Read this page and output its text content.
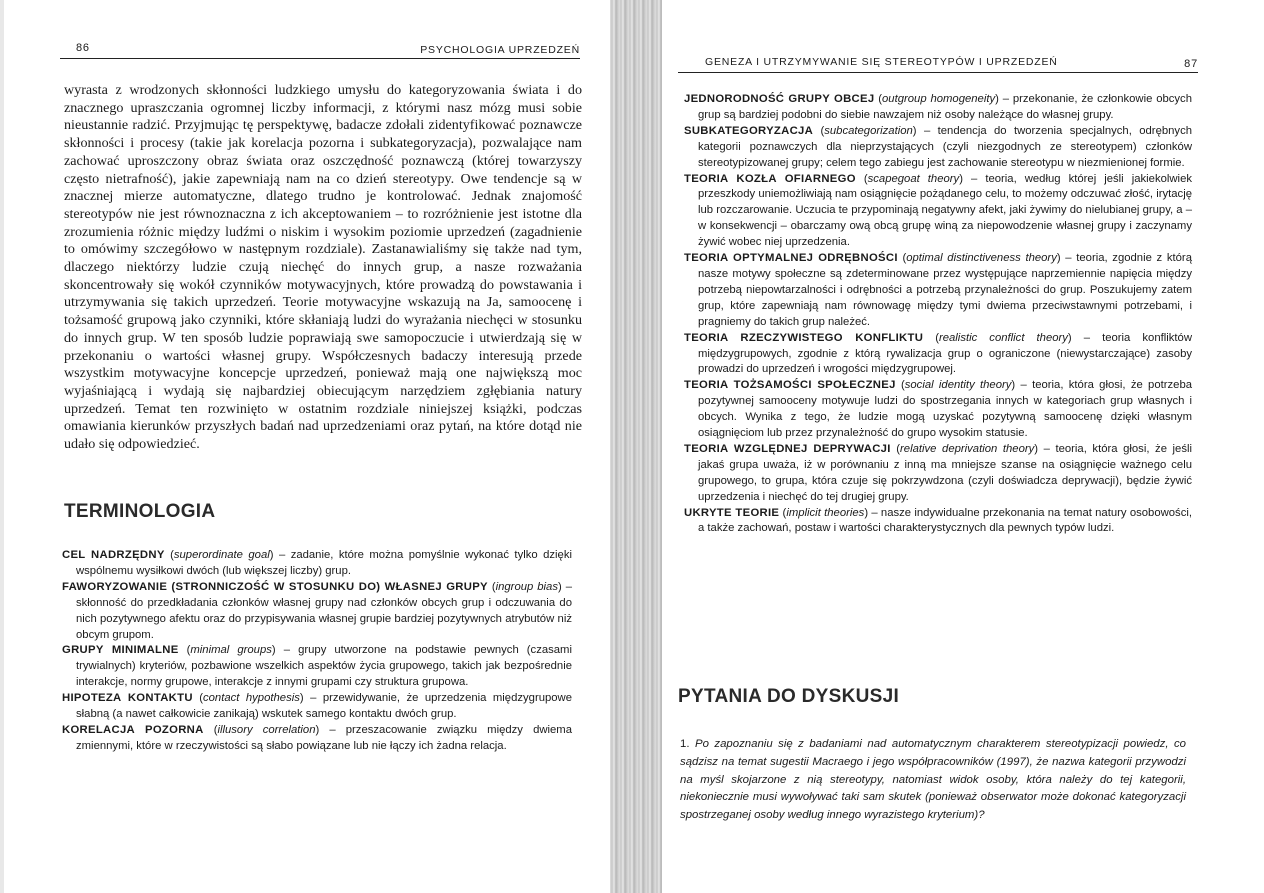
86	PSYCHOLOGIA UPRZEDZEŃ

wyrasta z wrodzonych skłonności ludzkiego umysłu do kategoryzowania świata i do znacznego upraszczania ogromnej liczby informacji, z którymi nasz mózg musi sobie nieustannie radzić. Przyjmując tę perspektywę, badacze zdołali zidentyfikować poznawcze skłonności i procesy (takie jak korelacja pozorna i subkategoryzacja), pozwalające nam zachować uproszczony obraz świata oraz oszczędność poznawczą (której towarzyszy często nietrafność), jakie zapewniają nam na co dzień stereotypy. Owe tendencje są w znacznej mierze automatyczne, dlatego trudno je kontrolować. Jednak znajomość stereotypów nie jest równoznaczna z ich akceptowaniem – to rozróżnienie jest istotne dla zrozumienia różnic między ludźmi o niskim i wysokim poziomie uprzedzeń (zagadnienie to omówimy szczegółowo w następnym rozdziale). Zastanawialiśmy się także nad tym, dlaczego niektórzy ludzie czują niechęć do innych grup, a nasze rozważania skoncentrowały się wokół czynników motywacyjnych, które prowadzą do powstawania i utrzymywania się takich uprzedzeń. Teorie motywacyjne wskazują na Ja, samoocenę i tożsamość grupową jako czynniki, które skłaniają ludzi do wyrażania niechęci w stosunku do innych grup. W ten sposób ludzie poprawiają swe samopoczucie i utwierdzają się w przekonaniu o wartości własnej grupy. Współczesnych badaczy interesują przede wszystkim motywacyjne koncepcje uprzedzeń, ponieważ mają one największą moc wyjaśniającą i wydają się najbardziej obiecującym narzędziem zgłębiania natury uprzedzeń. Temat ten rozwinięto w ostatnim rozdziale niniejszej książki, podczas omawiania kierunków przyszłych badań nad uprzedzeniami oraz pytań, na które dotąd nie udało się odpowiedzieć.

TERMINOLOGIA

CEL NADRZĘDNY (superordinate goal) – zadanie, które można pomyślnie wykonać tylko dzięki wspólnemu wysiłkowi dwóch (lub większej liczby) grup.

FAWORYZOWANIE (STRONNICZOŚĆ W STOSUNKU DO) WŁASNEJ GRUPY (ingroup bias) – skłonność do przedkładania członków własnej grupy nad członków obcych grup i odczuwania do nich pozytywnego afektu oraz do przypisywania własnej grupie bardziej pozytywnych atrybutów niż obcym grupom.

GRUPY MINIMALNE (minimal groups) – grupy utworzone na podstawie pewnych (czasami trywialnych) kryteriów, pozbawione wszelkich aspektów życia grupowego, takich jak bezpośrednie interakcje, normy grupowe, interakcje z innymi grupami czy struktura grupowa.

HIPOTEZA KONTAKTU (contact hypothesis) – przewidywanie, że uprzedzenia międzygrupowe słabną (a nawet całkowicie zanikają) wskutek samego kontaktu dwóch grup.

KORELACJA POZORNA (illusory correlation) – przeszacowanie związku między dwiema zmiennymi, które w rzeczywistości są słabo powiązane lub nie łączy ich żadna relacja.

GENEZA I UTRZYMYWANIE SIĘ STEREOTYPÓW I UPRZEDZEŃ	87

JEDNORODNOŚĆ GRUPY OBCEJ (outgroup homogeneity) – przekonanie, że członkowie obcych grup są bardziej podobni do siebie nawzajem niż osoby należące do własnej grupy.

SUBKATEGORYZACJA (subcategorization) – tendencja do tworzenia specjalnych, odrębnych kategorii poznawczych dla nieprzystających (czyli niezgodnych ze stereotypem) członków stereotypizowanej grupy; celem tego zabiegu jest zachowanie stereotypu w niezmienionej formie.

TEORIA KOZŁA OFIARNEGO (scapegoat theory) – teoria, według której jeśli jakiekolwiek przeszkody uniemożliwiają nam osiągnięcie pożądanego celu, to możemy odczuwać złość, irytację lub rozczarowanie. Uczucia te przypominają negatywny afekt, jaki żywimy do nielubianej grupy, a – w konsekwencji – obarczamy ową obcą grupę winą za niepowodzenie własnej grupy i zaczynamy żywić wobec niej uprzedzenia.

TEORIA OPTYMALNEJ ODRĘBNOŚCI (optimal distinctiveness theory) – teoria, zgodnie z którą nasze motywy społeczne są zdeterminowane przez występujące naprzemiennie napięcia między potrzebą niepowtarzalności i odrębności a potrzebą przynależności do grup. Poszukujemy zatem grup, które zapewniają nam równowagę między tymi dwiema przeciwstawnymi potrzebami, i pragniemy do takich grup należeć.

TEORIA RZECZYWISTEGO KONFLIKTU (realistic conflict theory) – teoria konfliktów międzygrupowych, zgodnie z którą rywalizacja grup o ograniczone (niewystarczające) zasoby prowadzi do uprzedzeń i wrogości międzygrupowej.

TEORIA TOŻSAMOŚCI SPOŁECZNEJ (social identity theory) – teoria, która głosi, że potrzeba pozytywnej samooceny motywuje ludzi do spostrzegania innych w kategoriach grup własnych i obcych. Wynika z tego, że ludzie mogą uzyskać pozytywną samoocenę dzięki własnym osiągnięciom lub przez przynależność do grupo wysokim statusie.

TEORIA WZGLĘDNEJ DEPRYWACJI (relative deprivation theory) – teoria, która głosi, że jeśli jakaś grupa uważa, iż w porównaniu z inną ma mniejsze szanse na osiągnięcie ważnego celu grupowego, to grupa, która czuje się pokrzywdzona (czyli doświadcza deprywacji), będzie żywić uprzedzenia i niechęć do tej drugiej grupy.

UKRYTE TEORIE (implicit theories) – nasze indywidualne przekonania na temat natury osobowości, a także zachowań, postaw i wartości charakterystycznych dla pewnych typów ludzi.

PYTANIA DO DYSKUSJI
1. Po zapoznaniu się z badaniami nad automatycznym charakterem stereotypizacji powiedz, co sądzisz na temat sugestii Macraego i jego współpracowników (1997), że nazwa kategorii przywodzi na myśl skojarzone z nią stereotypy, natomiast widok osoby, która należy do tej kategorii, niekoniecznie musi wywoływać taki sam skutek (ponieważ obserwator może dokonać kategoryzacji spostrzeganej osoby według innego wyrazistego kryterium)?
